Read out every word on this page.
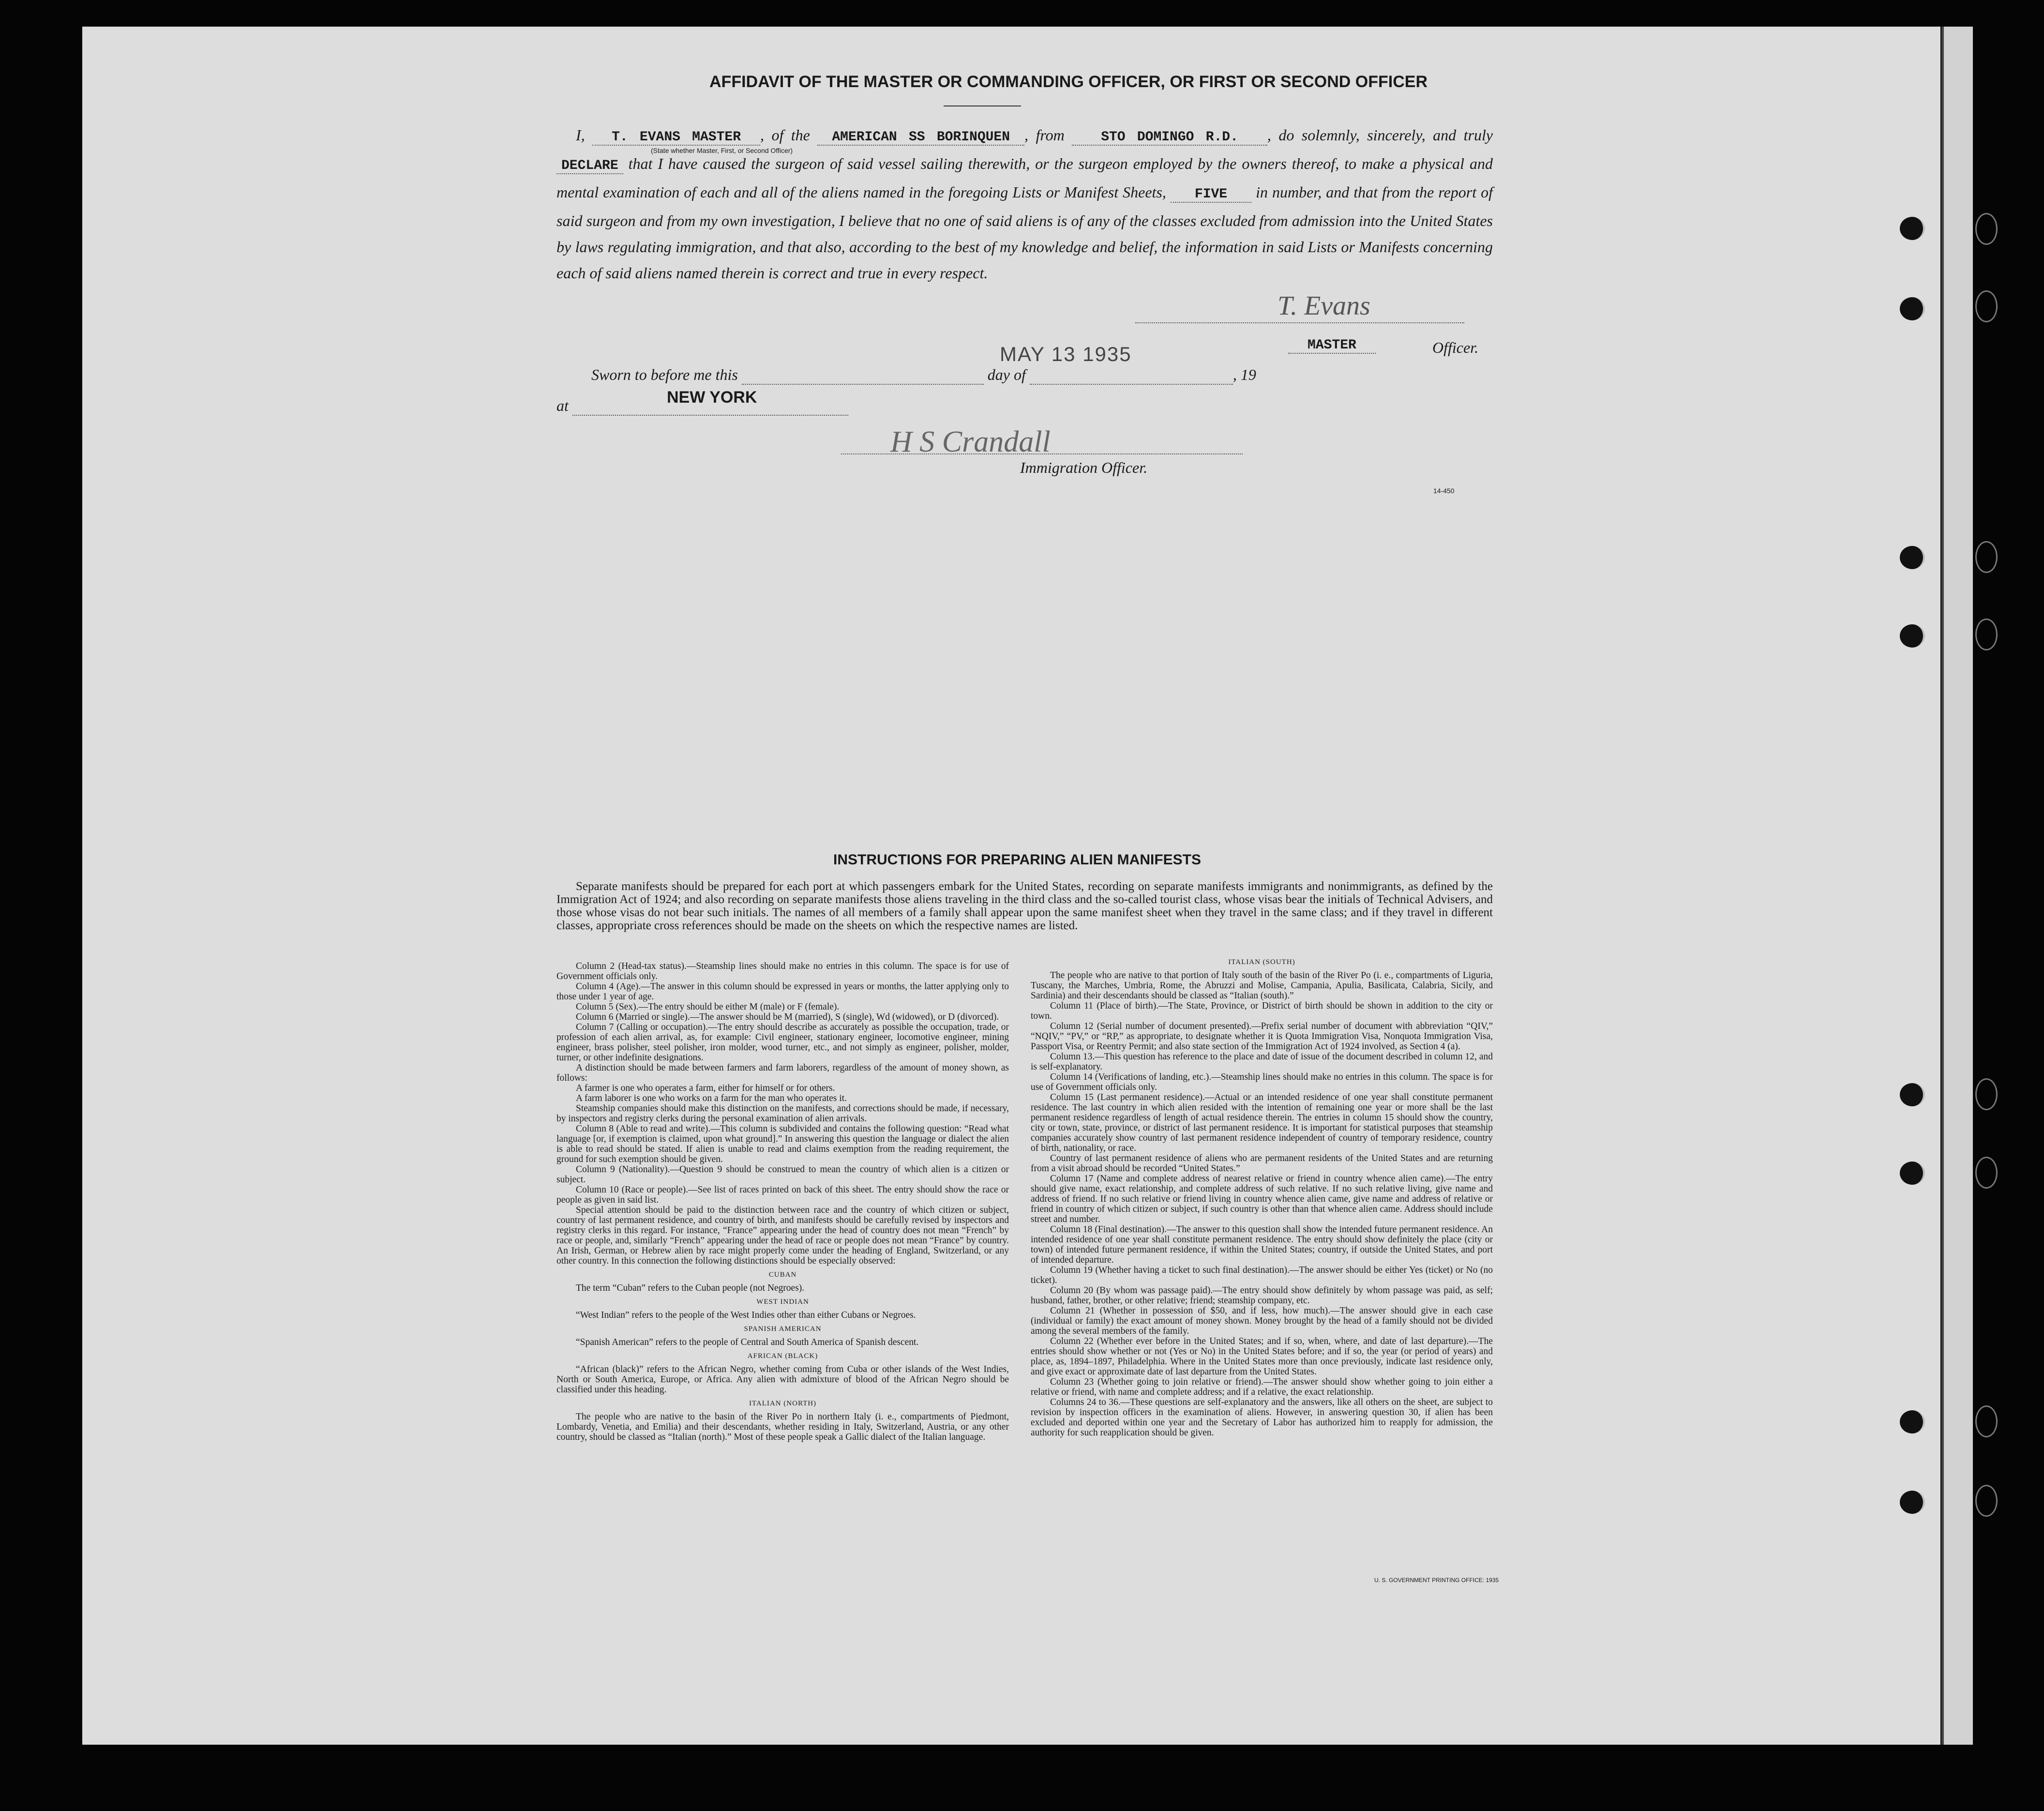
AFFIDAVIT OF THE MASTER OR COMMANDING OFFICER, OR FIRST OR SECOND OFFICER
I, T. EVANS MASTER , of the AMERICAN SS BORINQUEN , from	STO DOMINGO R.D. , do solemnly, sincerely, and truly DECLARE that I have caused the surgeon of said vessel sailing therewith, or the surgeon employed by the owners thereof, to make a physical and mental examination of each and all of the aliens named in the foregoing Lists or Manifest Sheets, FIVE in number, and that from the report of said surgeon and from my own investigation, I believe that no one of said aliens is of any of the classes excluded from admission into the United States by laws regulating immigration, and that also, according to the best of my knowledge and belief, the information in said Lists or Manifests concerning each of said aliens named therein is correct and true in every respect.
(State whether Master, First, or Second Officer)
T. Evans
MASTER	Officer.
Sworn to before me this	day of	, 19
MAY 13 1935
at	NEW YORK
H S Crandall
Immigration Officer.
14-450
INSTRUCTIONS FOR PREPARING ALIEN MANIFESTS
Separate manifests should be prepared for each port at which passengers embark for the United States, recording on separate manifests immigrants and nonimmigrants, as defined by the Immigration Act of 1924; and also recording on separate manifests those aliens traveling in the third class and the so-called tourist class, whose visas bear the initials of Technical Advisers, and those whose visas do not bear such initials. The names of all members of a family shall appear upon the same manifest sheet when they travel in the same class; and if they travel in different classes, appropriate cross references should be made on the sheets on which the respective names are listed.

Column 2 (Head-tax status).—Steamship lines should make no entries in this column. The space is for use of Government officials only.

Column 4 (Age).—The answer in this column should be expressed in years or months, the latter applying only to those under 1 year of age.

Column 5 (Sex).—The entry should be either M (male) or F (female).

Column 6 (Married or single).—The answer should be M (married), S (single), Wd (widowed), or D (divorced).

Column 7 (Calling or occupation).—The entry should describe as accurately as possible the occupation, trade, or profession of each alien arrival, as, for example: Civil engineer, stationary engineer, locomotive engineer, mining engineer, brass polisher, steel polisher, iron molder, wood turner, etc., and not simply as engineer, polisher, molder, turner, or other indefinite designations.

A distinction should be made between farmers and farm laborers, regardless of the amount of money shown, as follows:

A farmer is one who operates a farm, either for himself or for others.

A farm laborer is one who works on a farm for the man who operates it.

Steamship companies should make this distinction on the manifests, and corrections should be made, if necessary, by inspectors and registry clerks during the personal examination of alien arrivals.

Column 8 (Able to read and write).—This column is subdivided and contains the following question: “Read what language [or, if exemption is claimed, upon what ground].” In answering this question the language or dialect the alien is able to read should be stated. If alien is unable to read and claims exemption from the reading requirement, the ground for such exemption should be given.

Column 9 (Nationality).—Question 9 should be construed to mean the country of which alien is a citizen or subject.

Column 10 (Race or people).—See list of races printed on back of this sheet. The entry should show the race or people as given in said list.

Special attention should be paid to the distinction between race and the country of which citizen or subject, country of last permanent residence, and country of birth, and manifests should be carefully revised by inspectors and registry clerks in this regard. For instance, “France” appearing under the head of country does not mean “French” by race or people, and, similarly “French” appearing under the head of race or people does not mean “France” by country. An Irish, German, or Hebrew alien by race might properly come under the heading of England, Switzerland, or any other country. In this connection the following distinctions should be especially observed:

CUBAN

The term “Cuban” refers to the Cuban people (not Negroes).

WEST INDIAN

“West Indian” refers to the people of the West Indies other than either Cubans or Negroes.

SPANISH AMERICAN

“Spanish American” refers to the people of Central and South America of Spanish descent.

AFRICAN (BLACK)

“African (black)” refers to the African Negro, whether coming from Cuba or other islands of the West Indies, North or South America, Europe, or Africa. Any alien with admixture of blood of the African Negro should be classified under this heading.

ITALIAN (NORTH)

The people who are native to the basin of the River Po in northern Italy (i. e., compartments of Piedmont, Lombardy, Venetia, and Emilia) and their descendants, whether residing in Italy, Switzerland, Austria, or any other country, should be classed as “Italian (north).” Most of these people speak a Gallic dialect of the Italian language.

ITALIAN (SOUTH)

The people who are native to that portion of Italy south of the basin of the River Po (i. e., compartments of Liguria, Tuscany, the Marches, Umbria, Rome, the Abruzzi and Molise, Campania, Apulia, Basilicata, Calabria, Sicily, and Sardinia) and their descendants should be classed as “Italian (south).”

Column 11 (Place of birth).—The State, Province, or District of birth should be shown in addition to the city or town.

Column 12 (Serial number of document presented).—Prefix serial number of document with abbreviation “QIV,” “NQIV,” “PV,” or “RP,” as appropriate, to designate whether it is Quota Immigration Visa, Nonquota Immigration Visa, Passport Visa, or Reentry Permit; and also state section of the Immigration Act of 1924 involved, as Section 4 (a).

Column 13.—This question has reference to the place and date of issue of the document described in column 12, and is self-explanatory.

Column 14 (Verifications of landing, etc.).—Steamship lines should make no entries in this column. The space is for use of Government officials only.

Column 15 (Last permanent residence).—Actual or an intended residence of one year shall constitute permanent residence. The last country in which alien resided with the intention of remaining one year or more shall be the last permanent residence regardless of length of actual residence therein. The entries in column 15 should show the country, city or town, state, province, or district of last permanent residence. It is important for statistical purposes that steamship companies accurately show country of last permanent residence independent of country of temporary residence, country of birth, nationality, or race.

Country of last permanent residence of aliens who are permanent residents of the United States and are returning from a visit abroad should be recorded “United States.”

Column 17 (Name and complete address of nearest relative or friend in country whence alien came).—The entry should give name, exact relationship, and complete address of such relative. If no such relative living, give name and address of friend. If no such relative or friend living in country whence alien came, give name and address of relative or friend in country of which citizen or subject, if such country is other than that whence alien came. Address should include street and number.

Column 18 (Final destination).—The answer to this question shall show the intended future permanent residence. An intended residence of one year shall constitute permanent residence. The entry should show definitely the place (city or town) of intended future permanent residence, if within the United States; country, if outside the United States, and port of intended departure.

Column 19 (Whether having a ticket to such final destination).—The answer should be either Yes (ticket) or No (no ticket).

Column 20 (By whom was passage paid).—The entry should show definitely by whom passage was paid, as self; husband, father, brother, or other relative; friend; steamship company, etc.

Column 21 (Whether in possession of $50, and if less, how much).—The answer should give in each case (individual or family) the exact amount of money shown. Money brought by the head of a family should not be divided among the several members of the family.

Column 22 (Whether ever before in the United States; and if so, when, where, and date of last departure).—The entries should show whether or not (Yes or No) in the United States before; and if so, the year (or period of years) and place, as, 1894–1897, Philadelphia. Where in the United States more than once previously, indicate last residence only, and give exact or approximate date of last departure from the United States.

Column 23 (Whether going to join relative or friend).—The answer should show whether going to join either a relative or friend, with name and complete address; and if a relative, the exact relationship.

Columns 24 to 36.—These questions are self-explanatory and the answers, like all others on the sheet, are subject to revision by inspection officers in the examination of aliens. However, in answering question 30, if alien has been excluded and deported within one year and the Secretary of Labor has authorized him to reapply for admission, the authority for such reapplication should be given.

U. S. GOVERNMENT PRINTING OFFICE: 1935
